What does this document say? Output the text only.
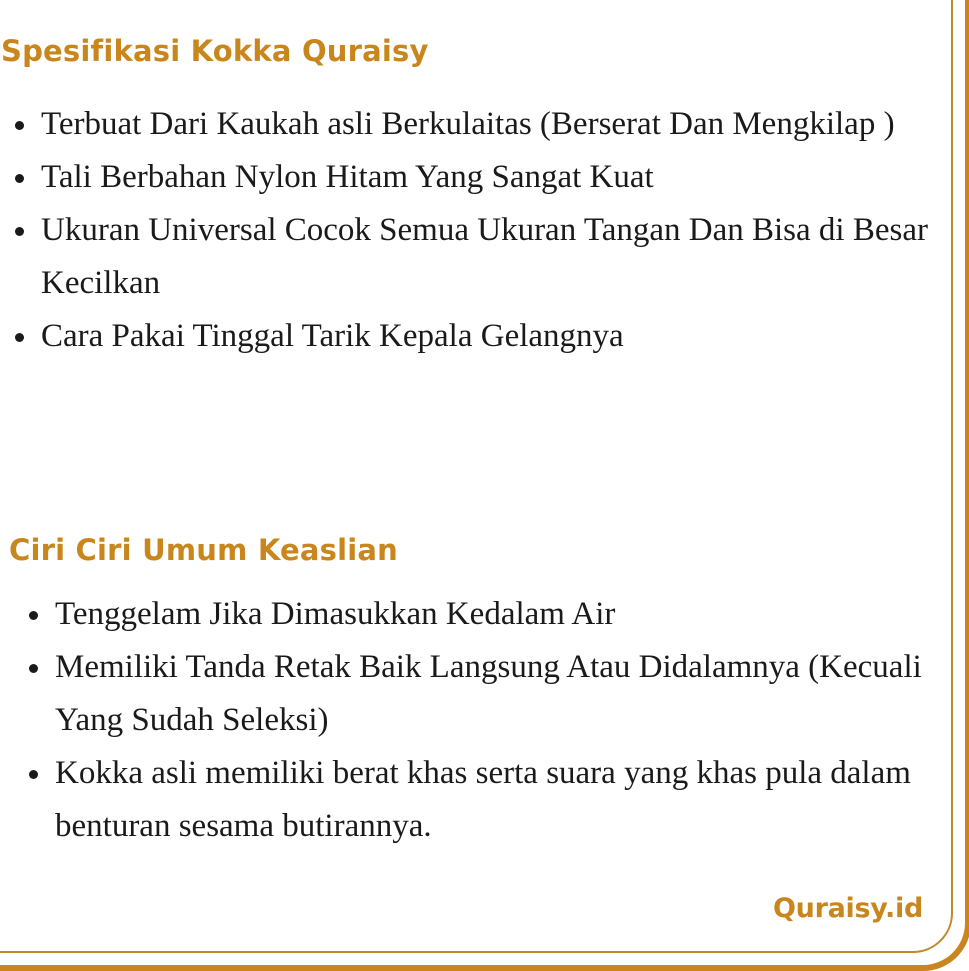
Spesifikasi Kokka Quraisy
Terbuat Dari Kaukah asli Berkulaitas (Berserat Dan Mengkilap )
Tali Berbahan Nylon Hitam Yang Sangat Kuat
Ukuran Universal Cocok Semua Ukuran Tangan Dan Bisa di Besar Kecilkan
Cara Pakai Tinggal Tarik Kepala Gelangnya
Ciri Ciri Umum Keaslian
Tenggelam Jika Dimasukkan Kedalam Air
Memiliki Tanda Retak Baik Langsung Atau Didalamnya (Kecuali Yang Sudah Seleksi)
Kokka asli memiliki berat khas serta suara yang khas pula dalam benturan sesama butirannya.
Quraisy.id
